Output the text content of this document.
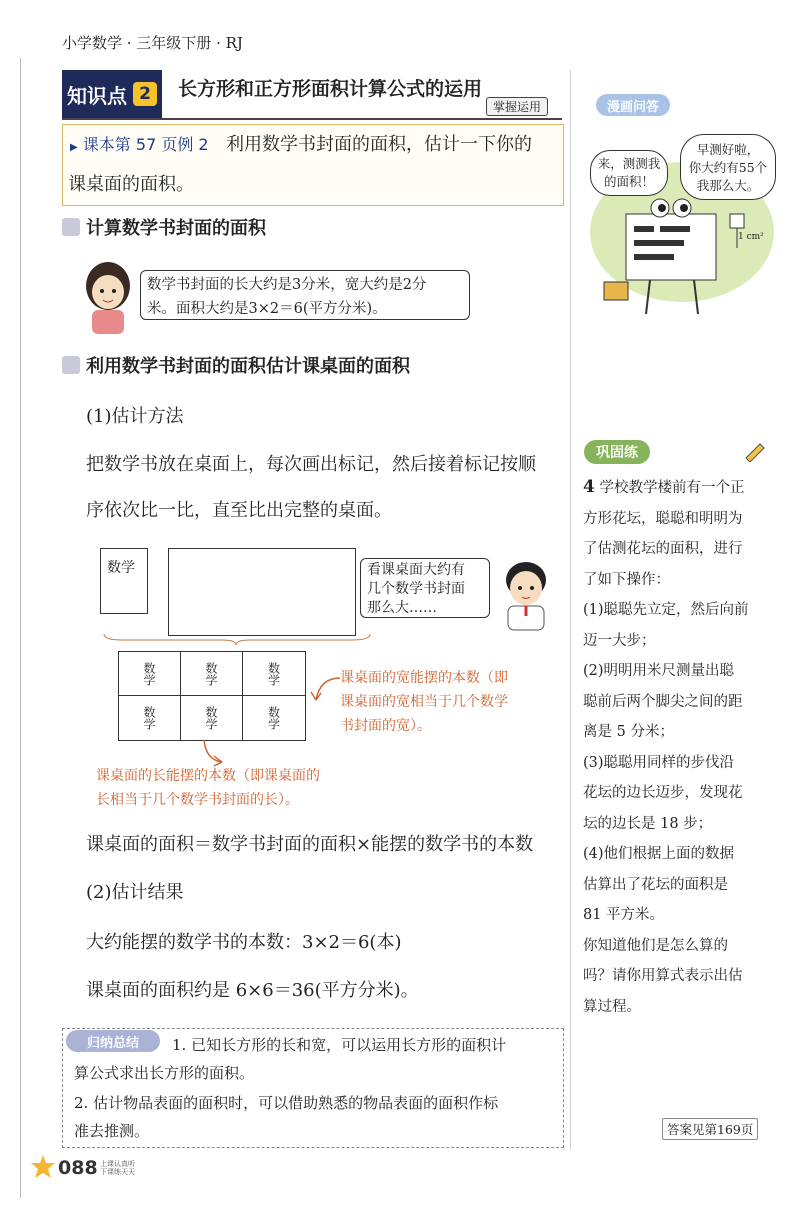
小学数学 · 三年级下册 · RJ
知识点 2	长方形和正方形面积计算公式的运用
掌握运用
▶ 课本第 57 页例 2 利用数学书封面的面积，估计一下你的
课桌面的面积。
计算数学书封面的面积
数学书封面的长大约是3分米，宽大约是2分
米。面积大约是3×2＝6(平方分米)。
利用数学书封面的面积估计课桌面的面积
(1)估计方法
把数学书放在桌面上，每次画出标记，然后接着标记按顺
序依次比一比，直至比出完整的桌面。
数学	看课桌面大约有
几个数学书封面
那么大……
数学	数学	数学
数学	数学	数学
课桌面的宽能摆的本数（即
课桌面的宽相当于几个数学
书封面的宽）。
课桌面的长能摆的本数（即课桌面的
长相当于几个数学书封面的长）。
课桌面的面积＝数学书封面的面积×能摆的数学书的本数
(2)估计结果
大约能摆的数学书的本数：3×2＝6(本)
课桌面的面积约是 6×6＝36(平方分米)。
归纳总结	1. 已知长方形的长和宽，可以运用长方形的面积计
算公式求出长方形的面积。
2. 估计物品表面的面积时，可以借助熟悉的物品表面的面积作标
准去推测。
漫画问答
来，测测我
的面积！
早测好啦，
你大约有55个
我那么大。
1 cm²
巩固练
4 学校教学楼前有一个正
方形花坛，聪聪和明明为
了估测花坛的面积，进行
了如下操作：
(1)聪聪先立定，然后向前
迈一大步；
(2)明明用米尺测量出聪
聪前后两个脚尖之间的距
离是 5 分米；
(3)聪聪用同样的步伐沿
花坛的边长迈步，发现花
坛的边长是 18 步；
(4)他们根据上面的数据
估算出了花坛的面积是
81 平方米。
你知道他们是怎么算的
吗？请你用算式表示出估
算过程。
答案见第169页
088 上课认真听
下课练天天
